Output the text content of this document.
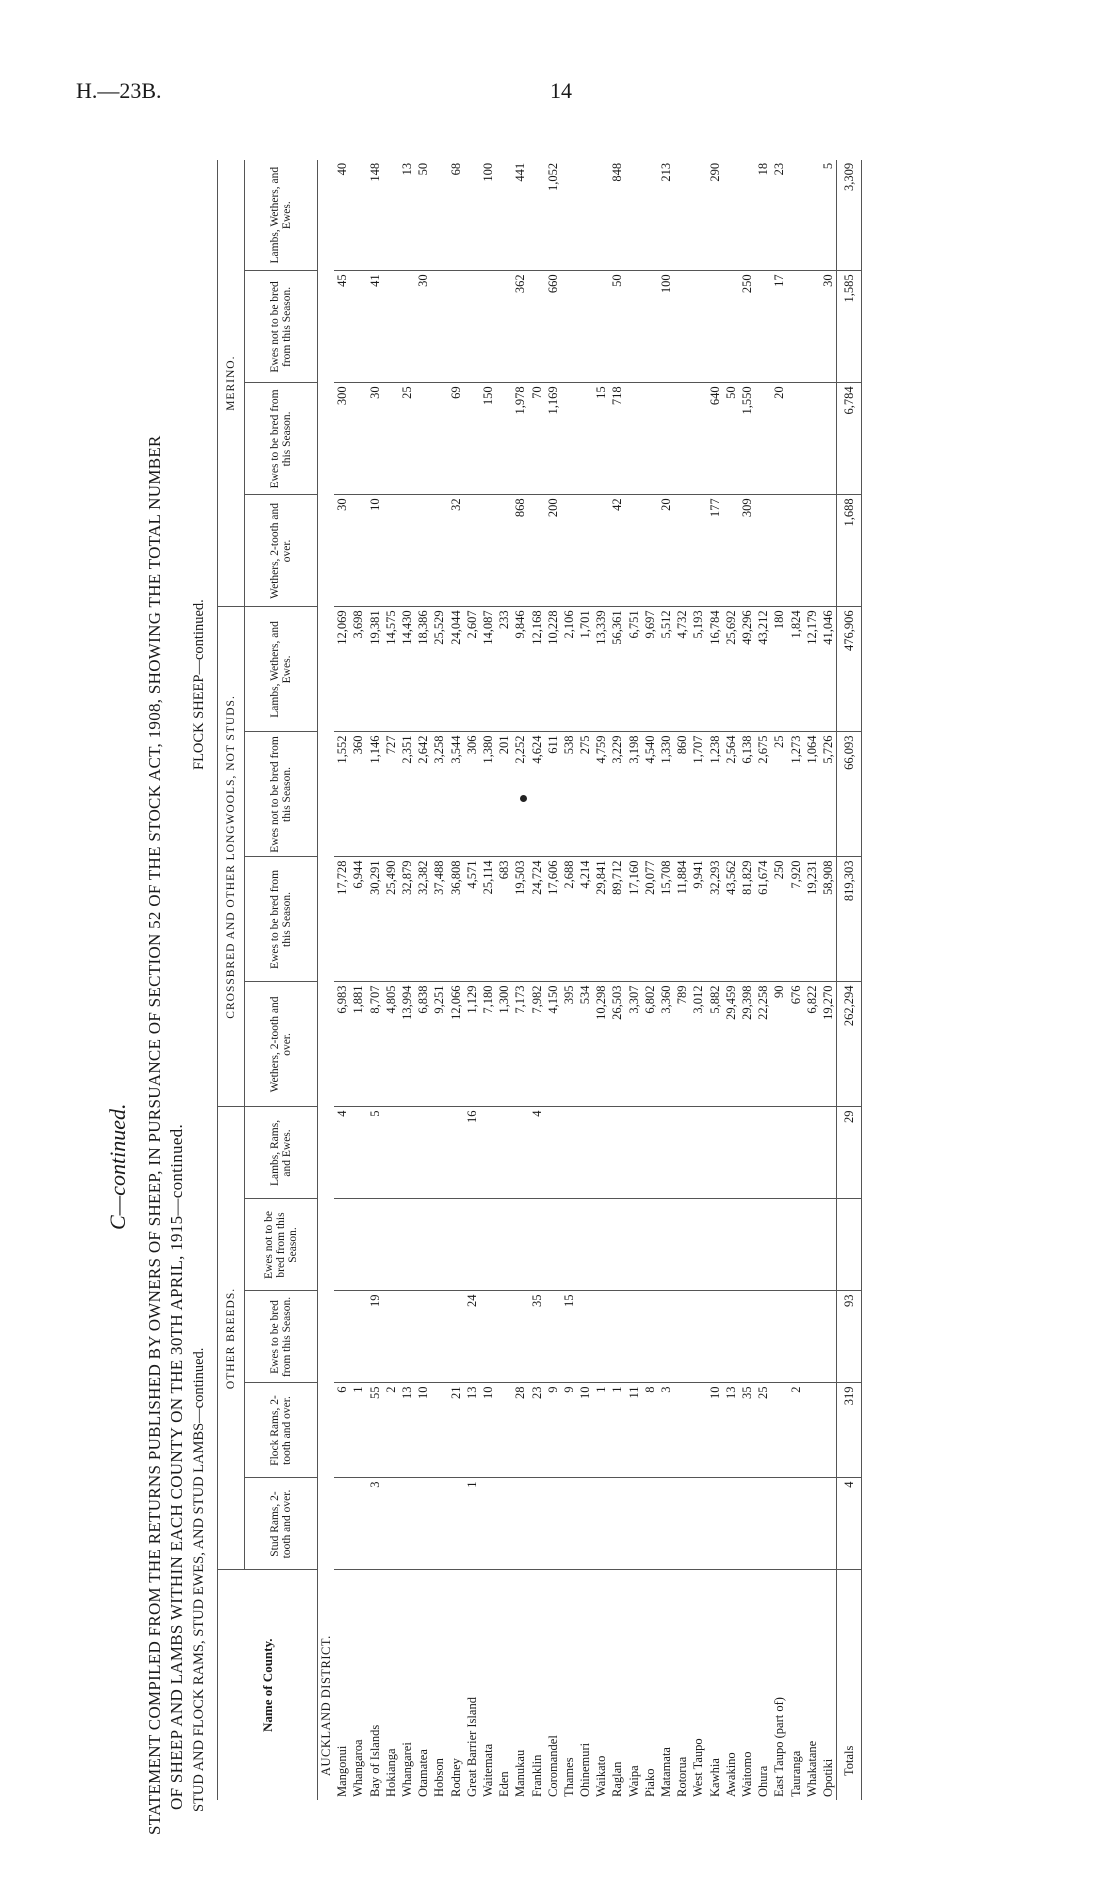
H.—23B.	14
C—continued. STATEMENT COMPILED FROM THE RETURNS PUBLISHED BY OWNERS OF SHEEP, IN PURSUANCE OF SECTION 52 OF THE STOCK ACT, 1908, SHOWING THE TOTAL NUMBER OF SHEEP AND LAMBS WITHIN EACH COUNTY ON THE 30TH APRIL, 1915—continued. STUD AND FLOCK RAMS, STUD EWES, AND STUD LAMBS—continued.
FLOCK SHEEP—continued.
Name of County.	OTHER BREEDS.					CROSSBRED AND OTHER LONGWOOLS, NOT STUDS.				MERINO.			
	Stud Rams, 2-tooth and over.	Flock Rams, 2-tooth and over.	Ewes to be bred from this Season.	Ewes not to be bred from this Season.	Lambs, Rams, and Ewes.	Wethers, 2-tooth and over.	Ewes to be bred from this Season.	Ewes not to be bred from this Season.	Lambs, Wethers, and Ewes.	Wethers, 2-tooth and over.	Ewes to be bred from this Season.	Ewes not to be bred from this Season.	Lambs, Wethers, and Ewes.
AUCKLAND DISTRICT.													
Mangonui		6			4	6,983	17,728	1,552	12,069	30	300	45	40
Whangaroa		1				1,881	6,944	360	3,698				
Bay of Islands	3	55	19		5	8,707	30,291	1,146	19,381	10	30	41	148
Hokianga		2				4,805	25,490	727	14,575				
Whangarei		13				13,994	32,879	2,351	14,430		25		13
Otamatea		10				6,838	32,382	2,642	18,386			30	50
Hobson						9,251	37,488	3,258	25,529				
Rodney		21				12,066	36,808	3,544	24,044	32	69		68
Great Barrier Island	1	13	24		16	1,129	4,571	306	2,607				
Waitemata		10				7,180	25,114	1,380	14,087		150		100
Eden						1,300	683	201	233				
Manukau		28				7,173	19,503	2,252	9,846	868	1,978	362	441
Franklin		23	35		4	7,982	24,724	4,624	12,168		70		
Coromandel		9				4,150	17,606	611	10,228	200	1,169	660	1,052
Thames		9	15			395	2,688	538	2,106				
Ohinemuri		10				534	4,214	275	1,701				
Waikato		1				10,298	29,841	4,759	13,339		15		
Raglan		1				26,503	89,712	3,229	56,361	42	718	50	848
Waipa		11				3,307	17,160	3,198	6,751				
Piako		8				6,802	20,077	4,540	9,697				
Matamata		3				3,360	15,708	1,330	5,512	20		100	213
Rotorua						789	11,884	860	4,732				
West Taupo						3,012	9,941	1,707	5,193				
Kawhia		10				5,882	32,293	1,238	16,784	177	640		290
Awakino		13				29,459	43,562	2,564	25,692		50		
Waitomo		35				29,398	81,829	6,138	49,296	309	1,550	250	
Ohura		25				22,258	61,674	2,675	43,212				18
East Taupo (part of)						90	250	25	180		20	17	23
Tauranga		2				676	7,920	1,273	1,824				
Whakatane						6,822	19,231	1,064	12,179				
Opotiki						19,270	58,908	5,726	41,046			30	5
Totals	4	319	93		29	262,294	819,303	66,093	476,906	1,688	6,784	1,585	3,309
